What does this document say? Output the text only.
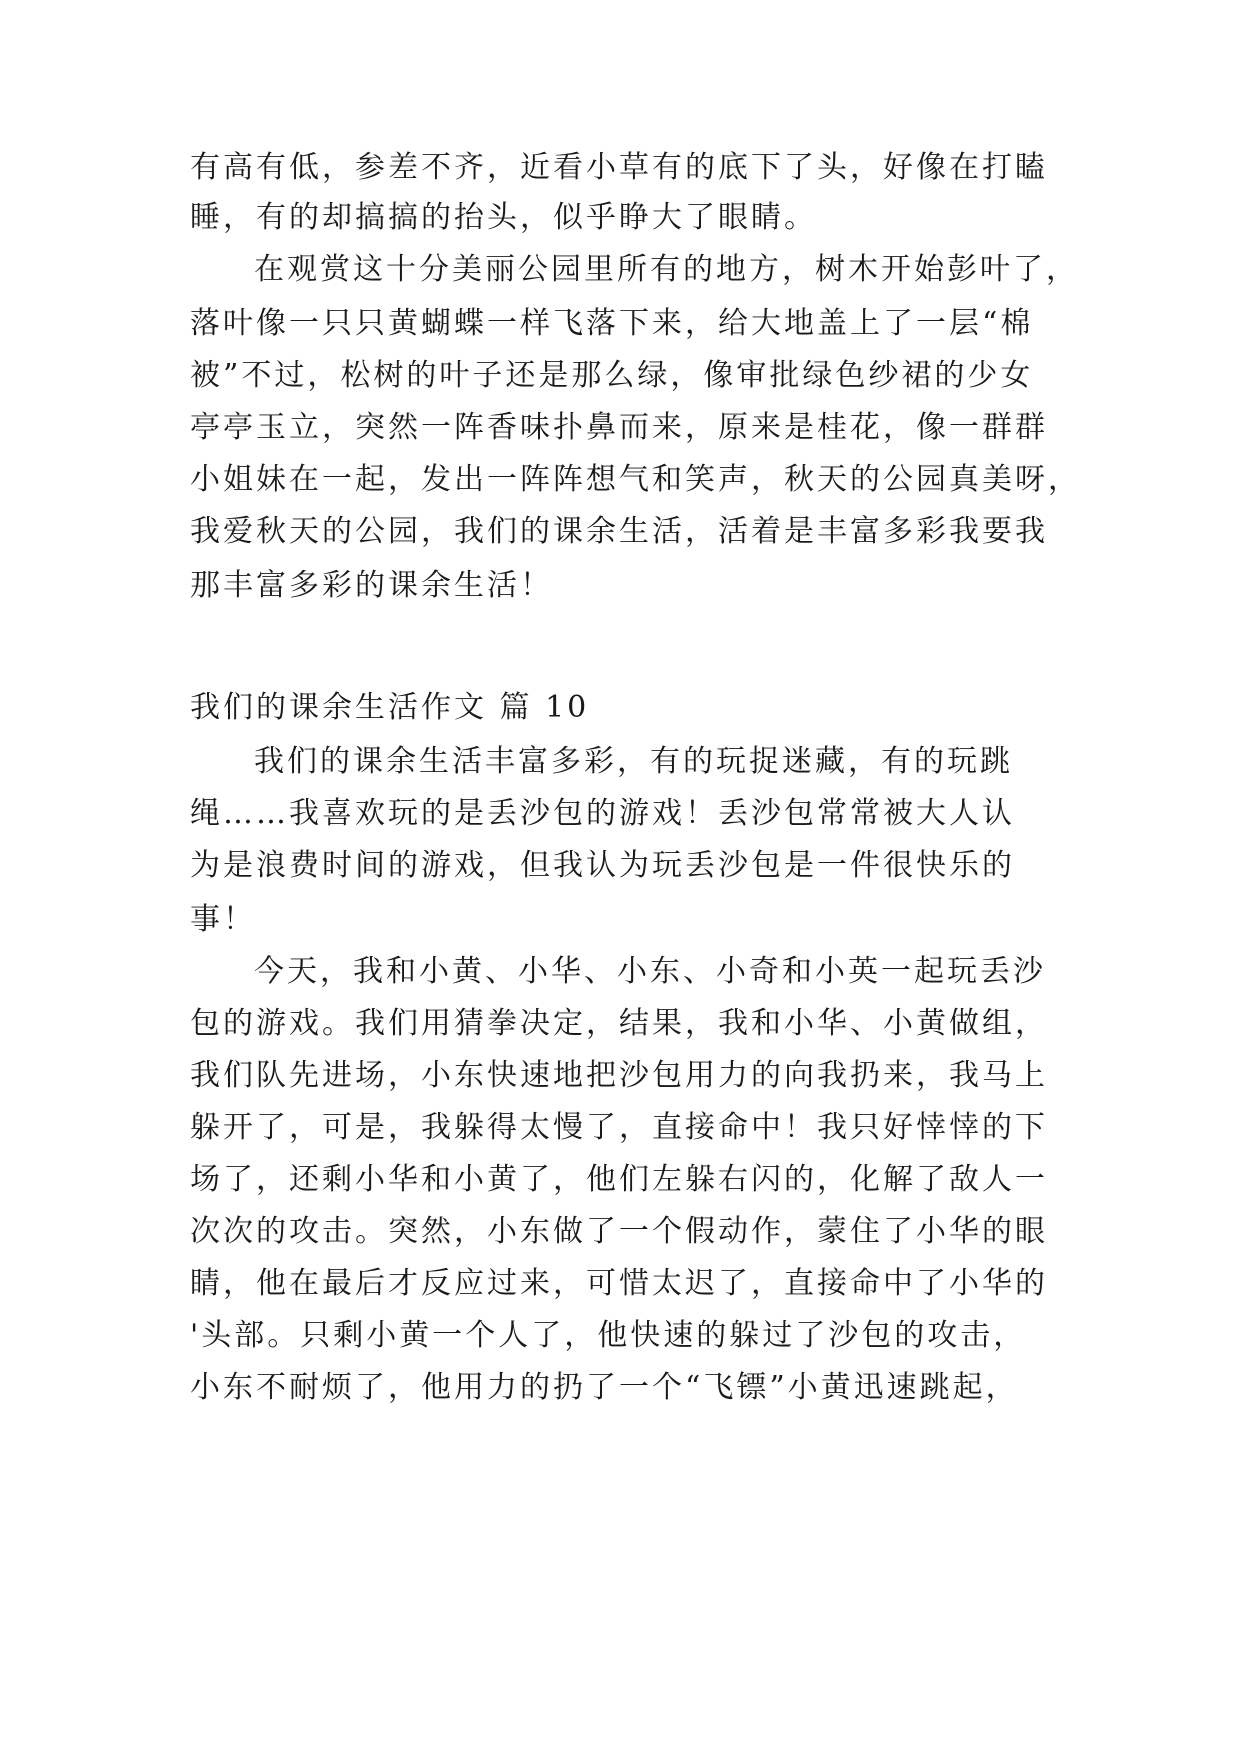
有高有低，参差不齐，近看小草有的底下了头，好像在打瞌
睡，有的却搞搞的抬头，似乎睁大了眼睛。
在观赏这十分美丽公园里所有的地方，树木开始彭叶了，
落叶像一只只黄蝴蝶一样飞落下来，给大地盖上了一层“棉
被”不过，松树的叶子还是那么绿，像审批绿色纱裙的少女
亭亭玉立，突然一阵香味扑鼻而来，原来是桂花，像一群群
小姐妹在一起，发出一阵阵想气和笑声，秋天的公园真美呀，
我爱秋天的公园，我们的课余生活，活着是丰富多彩我要我
那丰富多彩的课余生活！
我们的课余生活作文 篇 10
我们的课余生活丰富多彩，有的玩捉迷藏，有的玩跳
绳……我喜欢玩的是丢沙包的游戏！丢沙包常常被大人认
为是浪费时间的游戏，但我认为玩丢沙包是一件很快乐的
事！
今天，我和小黄、小华、小东、小奇和小英一起玩丢沙
包的游戏。我们用猜拳决定，结果，我和小华、小黄做组，
我们队先进场，小东快速地把沙包用力的向我扔来，我马上
躲开了，可是，我躲得太慢了，直接命中！我只好悻悻的下
场了，还剩小华和小黄了，他们左躲右闪的，化解了敌人一
次次的攻击。突然，小东做了一个假动作，蒙住了小华的眼
睛，他在最后才反应过来，可惜太迟了，直接命中了小华的
'头部。只剩小黄一个人了，他快速的躲过了沙包的攻击，
小东不耐烦了，他用力的扔了一个“飞镖”小黄迅速跳起，
